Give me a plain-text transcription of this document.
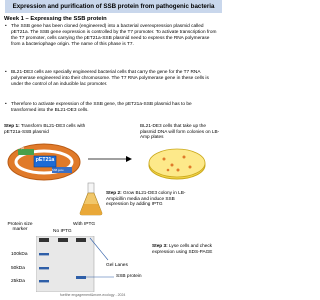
Expression and purification of SSB protein from pathogenic bacteria
Week 1 – Expressing the SSB protein
• The SSB gene has been cloned (engineered) into a bacterial overexpression plasmid called pET21a. The SSB gene expression is controlled by the T7 promoter. To activate transcription from the T7 promoter, cells carrying the pET21a-SSB plasmid need to express the RNA polymerase from a bacteriophage origin. The name of this phase is T7.
• BL21-DE3 cells are specially engineered bacterial cells that carry the gene for the T7 RNA polymerase engineered into their chromosome. The T7 RNA polymerase gene in these cells is under the control of an inducible lac promoter.
• Therefore to activate expression of the SSB gene, the pET21a-SSB plasmid has to be transformed into the BL21-DE3 cells.
Step 1: Transform BL21-DE3 cells with pET21a-SSB plasmid
pET21a
AmpR
SSB gene
BL21-DE3 cells that take up the plasmid DNA will form colonies on LB-Amp plates
Step 2: Grow BL21-DE3 colony in LB-Ampicillin media and induce SSB expression by adding IPTG
Protein size marker	No IPTG
With IPTG
100kDa
50kDa
25kDa
Gel Lanes
SSB protein
Step 3: Lyse cells and check expression using SDS-PAGE
fuelthe engagement&more-ecology - 2024
